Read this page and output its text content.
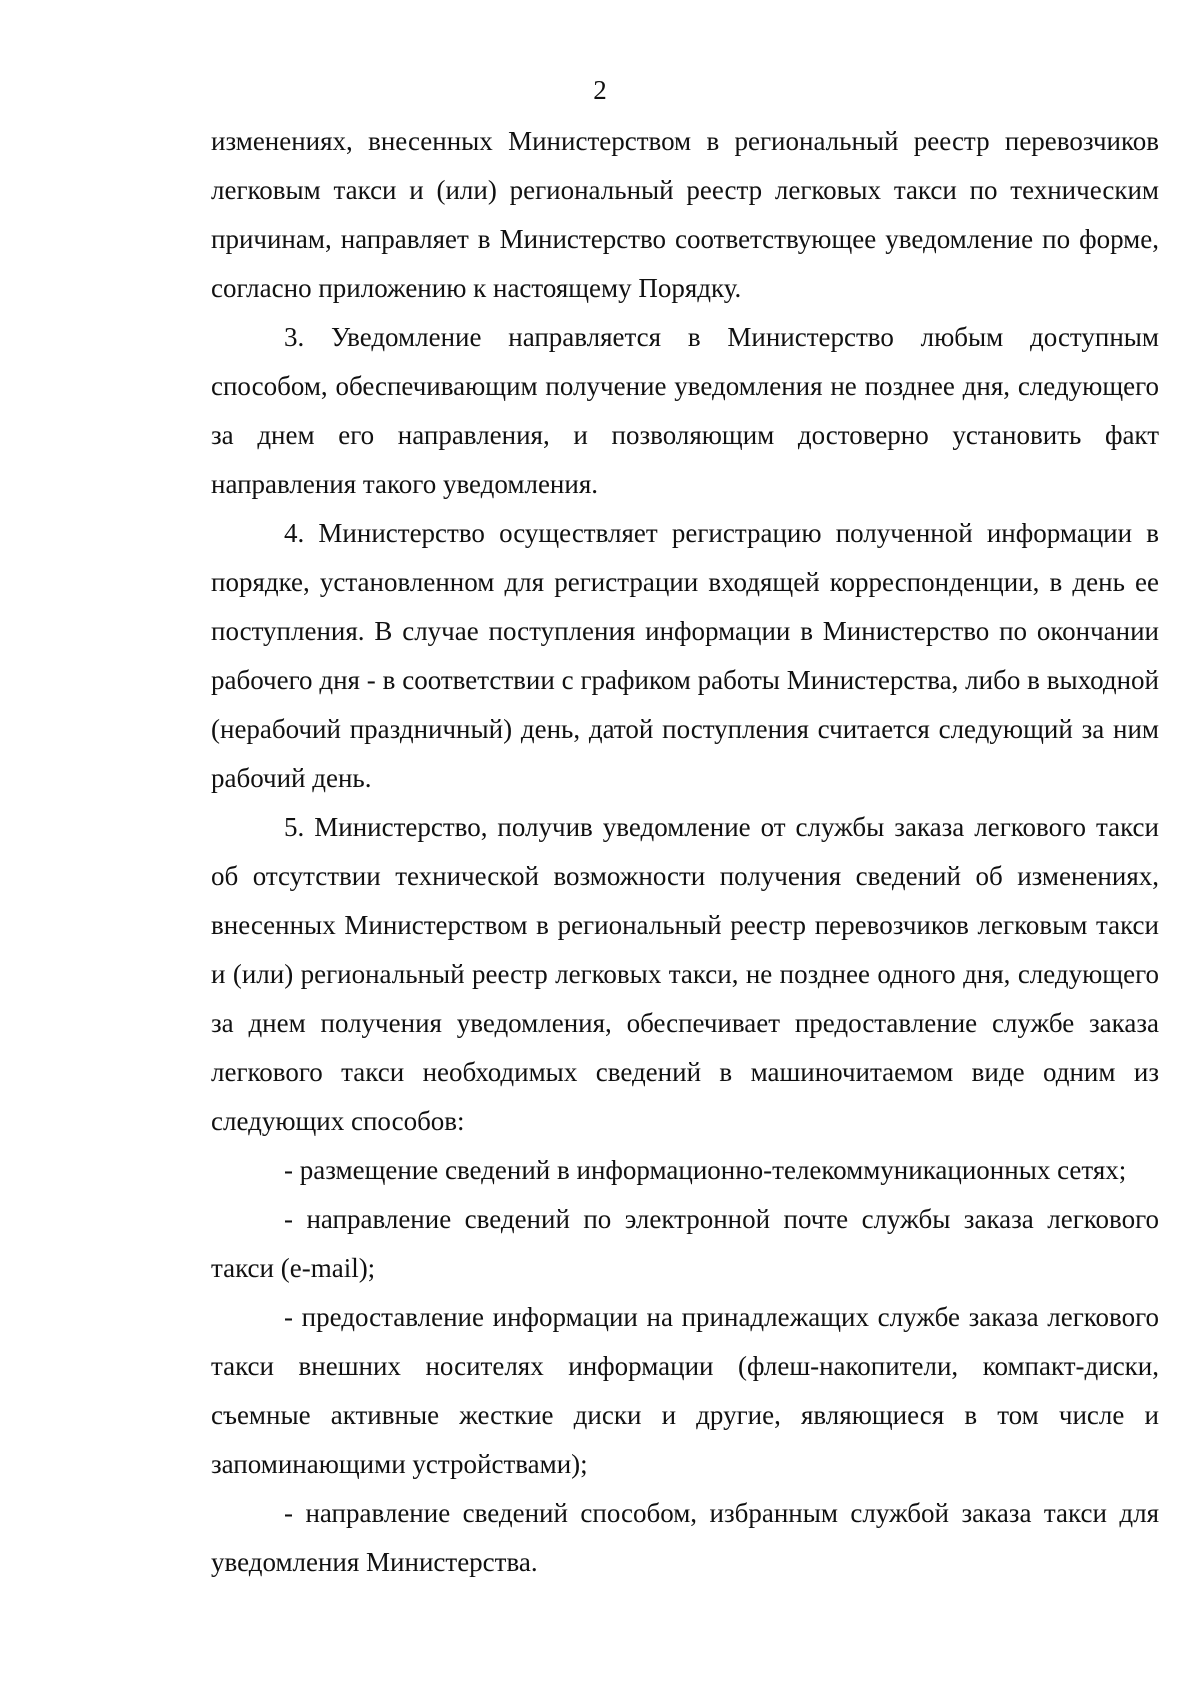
2

изменениях, внесенных Министерством в региональный реестр перевозчиков легковым такси и (или) региональный реестр легковых такси по техническим причинам, направляет в Министерство соответствующее уведомление по форме, согласно приложению к настоящему Порядку.

3. Уведомление направляется в Министерство любым доступным способом, обеспечивающим получение уведомления не позднее дня, следующего за днем его направления, и позволяющим достоверно установить факт направления такого уведомления.

4. Министерство осуществляет регистрацию полученной информации в порядке, установленном для регистрации входящей корреспонденции, в день ее поступления. В случае поступления информации в Министерство по окончании рабочего дня - в соответствии с графиком работы Министерства, либо в выходной (нерабочий праздничный) день, датой поступления считается следующий за ним рабочий день.

5. Министерство, получив уведомление от службы заказа легкового такси об отсутствии технической возможности получения сведений об изменениях, внесенных Министерством в региональный реестр перевозчиков легковым такси и (или) региональный реестр легковых такси, не позднее одного дня, следующего за днем получения уведомления, обеспечивает предоставление службе заказа легкового такси необходимых сведений в машиночитаемом виде одним из следующих способов:

- размещение сведений в информационно-телекоммуникационных сетях;

- направление сведений по электронной почте службы заказа легкового такси (e-mail);

- предоставление информации на принадлежащих службе заказа легкового такси внешних носителях информации (флеш-накопители, компакт-диски, съемные активные жесткие диски и другие, являющиеся в том числе и запоминающими устройствами);

- направление сведений способом, избранным службой заказа такси для уведомления Министерства.
